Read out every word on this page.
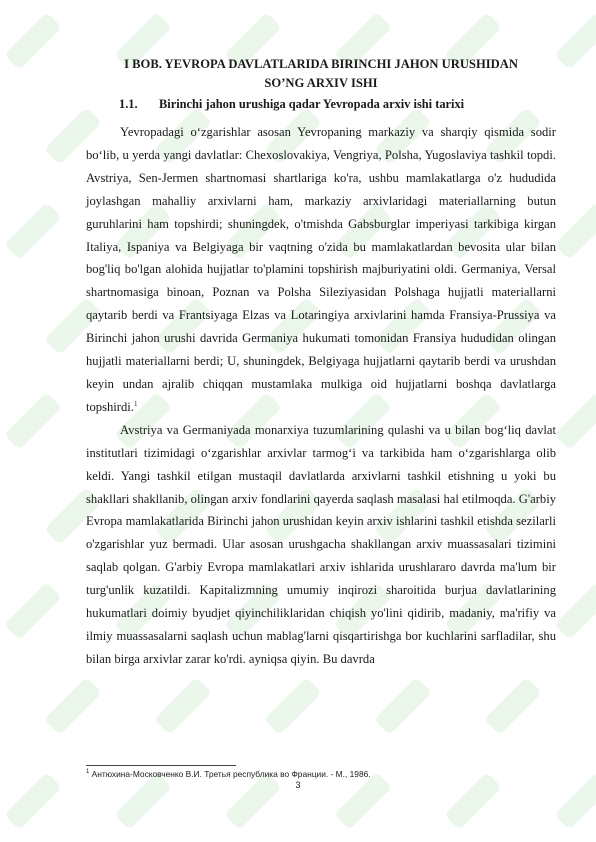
I BOB. YEVROPA DAVLATLARIDA BIRINCHI JAHON URUSHIDAN
SO’NG ARXIV ISHI
1.1. Birinchi jahon urushiga qadar Yevropada arxiv ishi tarixi

Yevropadagi o‘zgarishlar asosan Yevropaning markaziy va sharqiy qismida sodir bo‘lib, u yerda yangi davlatlar: Chexoslovakiya, Vengriya, Polsha, Yugoslaviya tashkil topdi. Avstriya, Sen-Jermen shartnomasi shartlariga ko'ra, ushbu mamlakatlarga o'z hududida joylashgan mahalliy arxivlarni ham, markaziy arxivlaridagi materiallarning butun guruhlarini ham topshirdi; shuningdek, o'tmishda Gabsburglar imperiyasi tarkibiga kirgan Italiya, Ispaniya va Belgiyaga bir vaqtning o'zida bu mamlakatlardan bevosita ular bilan bog'liq bo'lgan alohida hujjatlar to'plamini topshirish majburiyatini oldi. Germaniya, Versal shartnomasiga binoan, Poznan va Polsha Sileziyasidan Polshaga hujjatli materiallarni qaytarib berdi va Frantsiyaga Elzas va Lotaringiya arxivlarini hamda Fransiya-Prussiya va Birinchi jahon urushi davrida Germaniya hukumati tomonidan Fransiya hududidan olingan hujjatli materiallarni berdi; U, shuningdek, Belgiyaga hujjatlarni qaytarib berdi va urushdan keyin undan ajralib chiqqan mustamlaka mulkiga oid hujjatlarni boshqa davlatlarga topshirdi.$^1$

Avstriya va Germaniyada monarxiya tuzumlarining qulashi va u bilan bog‘liq davlat institutlari tizimidagi o‘zgarishlar arxivlar tarmog‘i va tarkibida ham o‘zgarishlarga olib keldi. Yangi tashkil etilgan mustaqil davlatlarda arxivlarni tashkil etishning u yoki bu shakllari shakllanib, olingan arxiv fondlarini qayerda saqlash masalasi hal etilmoqda. G'arbiy Evropa mamlakatlarida Birinchi jahon urushidan keyin arxiv ishlarini tashkil etishda sezilarli o'zgarishlar yuz bermadi. Ular asosan urushgacha shakllangan arxiv muassasalari tizimini saqlab qolgan. G'arbiy Evropa mamlakatlari arxiv ishlarida urushlararo davrda ma'lum bir turg'unlik kuzatildi. Kapitalizmning umumiy inqirozi sharoitida burjua davlatlarining hukumatlari doimiy byudjet qiyinchiliklaridan chiqish yo'lini qidirib, madaniy, ma'rifiy va ilmiy muassasalarni saqlash uchun mablag'larni qisqartirishga bor kuchlarini sarfladilar, shu bilan birga arxivlar zarar ko'rdi. ayniqsa qiyin. Bu davrda

$^1$ Антюхина-Московченко В.И. Третья республика во Франции. - М., 1986.
3
